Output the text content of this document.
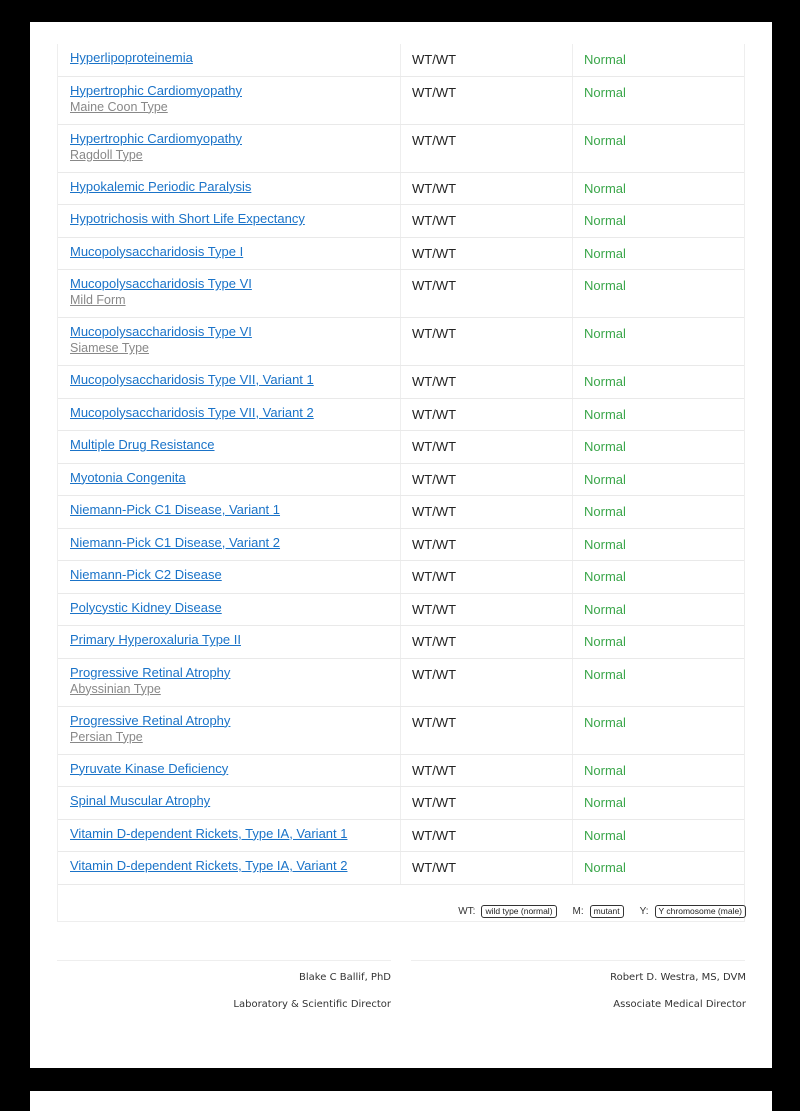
Hyperlipoproteinemia	WT/WT	Normal
Hypertrophic Cardiomyopathy
Maine Coon Type
WT/WT	Normal
Hypertrophic Cardiomyopathy
Ragdoll Type
WT/WT	Normal
Hypokalemic Periodic Paralysis	WT/WT	Normal
Hypotrichosis with Short Life Expectancy	WT/WT	Normal
Mucopolysaccharidosis Type I	WT/WT	Normal
Mucopolysaccharidosis Type VI
Mild Form
WT/WT	Normal
Mucopolysaccharidosis Type VI
Siamese Type
WT/WT	Normal
Mucopolysaccharidosis Type VII, Variant 1	WT/WT	Normal
Mucopolysaccharidosis Type VII, Variant 2	WT/WT	Normal
Multiple Drug Resistance	WT/WT	Normal
Myotonia Congenita	WT/WT	Normal
Niemann-Pick C1 Disease, Variant 1	WT/WT	Normal
Niemann-Pick C1 Disease, Variant 2	WT/WT	Normal
Niemann-Pick C2 Disease	WT/WT	Normal
Polycystic Kidney Disease	WT/WT	Normal
Primary Hyperoxaluria Type II	WT/WT	Normal
Progressive Retinal Atrophy
Abyssinian Type
WT/WT	Normal
Progressive Retinal Atrophy
Persian Type
WT/WT	Normal
Pyruvate Kinase Deficiency	WT/WT	Normal
Spinal Muscular Atrophy	WT/WT	Normal
Vitamin D-dependent Rickets, Type IA, Variant 1	WT/WT	Normal
Vitamin D-dependent Rickets, Type IA, Variant 2	WT/WT	Normal
WT:	wild type (normal)	M:	mutant	Y:	Y chromosome (male)
Blake C Ballif, PhD
Laboratory & Scientific Director
Robert D. Westra, MS, DVM
Associate Medical Director
